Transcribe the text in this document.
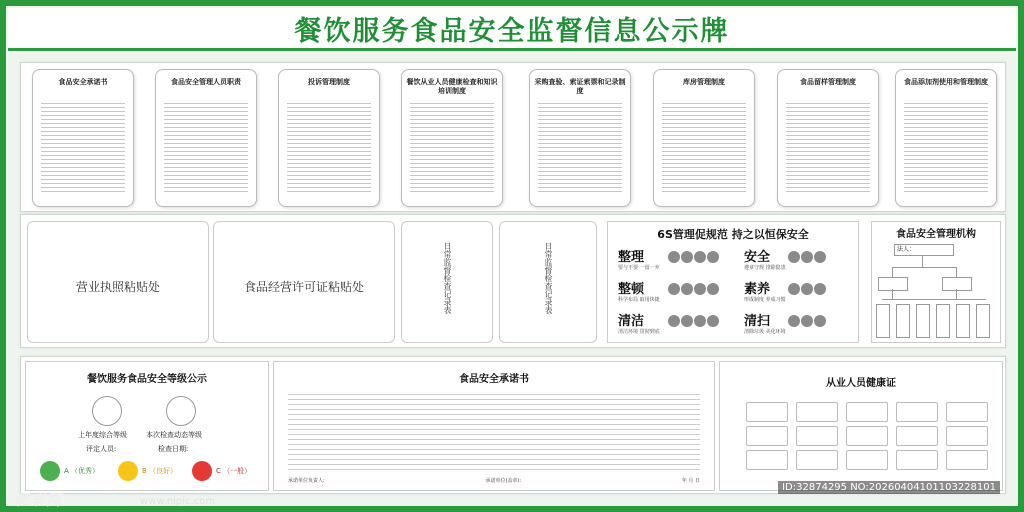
餐饮服务食品安全监督信息公示牌
食品安全承诺书	食品安全管理人员职责	投诉管理制度	餐饮从业人员健康检查和知识培训制度
采购查验、索证索票和记录制度
库房管理制度	食品留样管理制度	食品添加剂使用和管理制度
营业执照粘贴处	食品经营许可证粘贴处	日常监督检查记录表	日常监督检查记录表
6S管理促规范 持之以恒保安全
整理
要与不要 一留一弃
安全
遵章守规 排除隐患
整顿
科学布局 取用快捷
素养
形成制度 养成习惯
清洁
清洁环境 贯彻到底
清扫
清除垃圾 美化环境
食品安全管理机构
法人：
餐饮服务食品安全等级公示
上年度综合等级	本次检查动态等级
评定人员:	检查日期:
A （优秀）	B （良好）	C （一般）
食品安全承诺书
承诺单位负责人:	承诺单位(盖章):	年 月 日
从业人员健康证
昵享网	www.nipic.com
ID:32874295 NO:20260404101103228101
